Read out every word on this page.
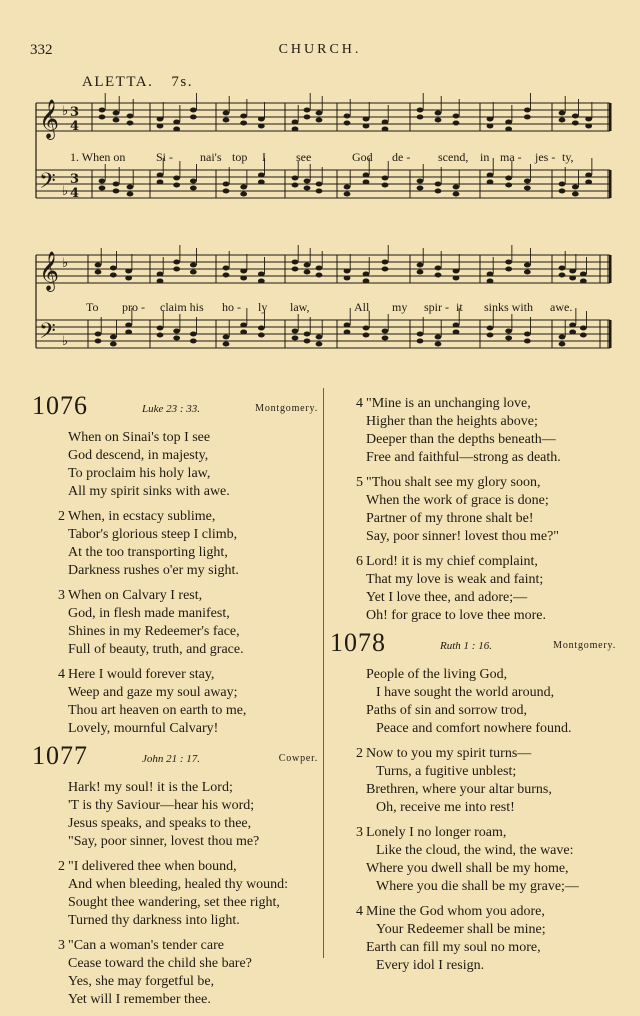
332	CHURCH.
ALETTA. 7s.
𝄞
𝄢
♭
♭
3
4
3
4
𝄞
𝄢
♭
♭
1. When on	Si - nai's top I	see	God de - scend, in ma - jes - ty,
To pro - claim his ho - ly law,	All my spir - it sinks with awe.
1076	Luke 23 : 33.	Montgomery.
When on Sinai's top I see
God descend, in majesty,
To proclaim his holy law,
All my spirit sinks with awe.
2 When, in ecstacy sublime,
Tabor's glorious steep I climb,
At the too transporting light,
Darkness rushes o'er my sight.
3 When on Calvary I rest,
God, in flesh made manifest,
Shines in my Redeemer's face,
Full of beauty, truth, and grace.
4 Here I would forever stay,
Weep and gaze my soul away;
Thou art heaven on earth to me,
Lovely, mournful Calvary!
1077	John 21 : 17.	Cowper.
Hark! my soul! it is the Lord;
'T is thy Saviour—hear his word;
Jesus speaks, and speaks to thee,
"Say, poor sinner, lovest thou me?
2 "I delivered thee when bound,
And when bleeding, healed thy wound:
Sought thee wandering, set thee right,
Turned thy darkness into light.
3 "Can a woman's tender care
Cease toward the child she bare?
Yes, she may forgetful be,
Yet will I remember thee.
4 "Mine is an unchanging love,
Higher than the heights above;
Deeper than the depths beneath—
Free and faithful—strong as death.
5 "Thou shalt see my glory soon,
When the work of grace is done;
Partner of my throne shalt be!
Say, poor sinner! lovest thou me?"
6 Lord! it is my chief complaint,
That my love is weak and faint;
Yet I love thee, and adore;—
Oh! for grace to love thee more.
1078	Ruth 1 : 16.	Montgomery.
People of the living God,
I have sought the world around,
Paths of sin and sorrow trod,
Peace and comfort nowhere found.
2 Now to you my spirit turns—
Turns, a fugitive unblest;
Brethren, where your altar burns,
Oh, receive me into rest!
3 Lonely I no longer roam,
Like the cloud, the wind, the wave:
Where you dwell shall be my home,
Where you die shall be my grave;—
4 Mine the God whom you adore,
Your Redeemer shall be mine;
Earth can fill my soul no more,
Every idol I resign.
